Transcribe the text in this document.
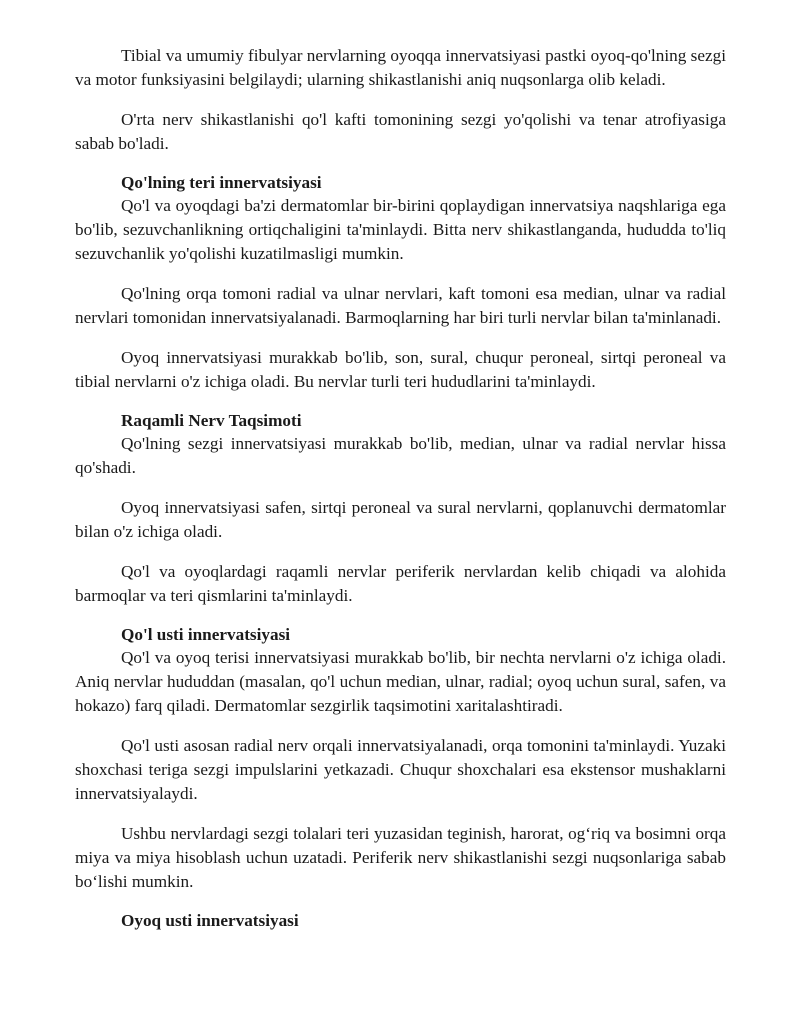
Tibial va umumiy fibulyar nervlarning oyoqqa innervatsiyasi pastki oyoq-qo'lning sezgi va motor funksiyasini belgilaydi; ularning shikastlanishi aniq nuqsonlarga olib keladi.

O'rta nerv shikastlanishi qo'l kafti tomonining sezgi yo'qolishi va tenar atrofiyasiga sabab bo'ladi.

Qo'lning teri innervatsiyasi

Qo'l va oyoqdagi ba'zi dermatomlar bir-birini qoplaydigan innervatsiya naqshlariga ega bo'lib, sezuvchanlikning ortiqchaligini ta'minlaydi. Bitta nerv shikastlanganda, hududda to'liq sezuvchanlik yo'qolishi kuzatilmasligi mumkin.

Qo'lning orqa tomoni radial va ulnar nervlari, kaft tomoni esa median, ulnar va radial nervlari tomonidan innervatsiyalanadi. Barmoqlarning har biri turli nervlar bilan ta'minlanadi.

Oyoq innervatsiyasi murakkab bo'lib, son, sural, chuqur peroneal, sirtqi peroneal va tibial nervlarni o'z ichiga oladi. Bu nervlar turli teri hududlarini ta'minlaydi.

Raqamli Nerv Taqsimoti

Qo'lning sezgi innervatsiyasi murakkab bo'lib, median, ulnar va radial nervlar hissa qo'shadi.

Oyoq innervatsiyasi safen, sirtqi peroneal va sural nervlarni, qoplanuvchi dermatomlar bilan o'z ichiga oladi.

Qo'l va oyoqlardagi raqamli nervlar periferik nervlardan kelib chiqadi va alohida barmoqlar va teri qismlarini ta'minlaydi.

Qo'l usti innervatsiyasi

Qo'l va oyoq terisi innervatsiyasi murakkab bo'lib, bir nechta nervlarni o'z ichiga oladi. Aniq nervlar hududdan (masalan, qo'l uchun median, ulnar, radial; oyoq uchun sural, safen, va hokazo) farq qiladi. Dermatomlar sezgirlik taqsimotini xaritalashtiradi.

Qo'l usti asosan radial nerv orqali innervatsiyalanadi, orqa tomonini ta'minlaydi. Yuzaki shoxchasi teriga sezgi impulslarini yetkazadi. Chuqur shoxchalari esa ekstensor mushaklarni innervatsiyalaydi.

Ushbu nervlardagi sezgi tolalari teri yuzasidan teginish, harorat, og‘riq va bosimni orqa miya va miya hisoblash uchun uzatadi. Periferik nerv shikastlanishi sezgi nuqsonlariga sabab bo‘lishi mumkin.

Oyoq usti innervatsiyasi
